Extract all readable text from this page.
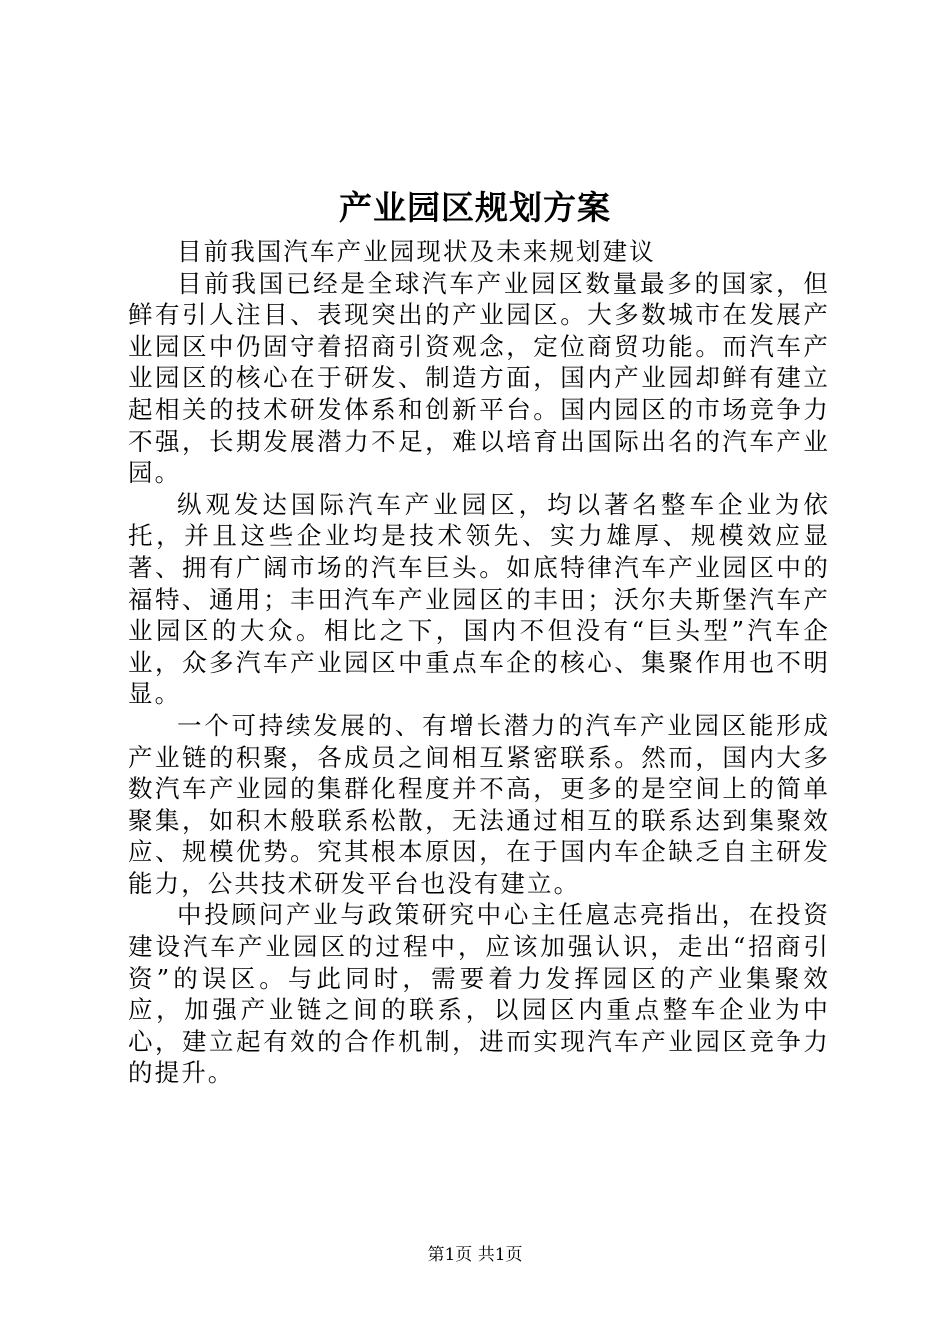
产业园区规划方案

目前我国汽车产业园现状及未来规划建议

目前我国已经是全球汽车产业园区数量最多的国家，但鲜有引人注目、表现突出的产业园区。大多数城市在发展产业园区中仍固守着招商引资观念，定位商贸功能。而汽车产业园区的核心在于研发、制造方面，国内产业园却鲜有建立起相关的技术研发体系和创新平台。国内园区的市场竞争力不强，长期发展潜力不足，难以培育出国际出名的汽车产业园。

纵观发达国际汽车产业园区，均以著名整车企业为依托，并且这些企业均是技术领先、实力雄厚、规模效应显著、拥有广阔市场的汽车巨头。如底特律汽车产业园区中的福特、通用；丰田汽车产业园区的丰田；沃尔夫斯堡汽车产业园区的大众。相比之下，国内不但没有“巨头型”汽车企业，众多汽车产业园区中重点车企的核心、集聚作用也不明显。

一个可持续发展的、有增长潜力的汽车产业园区能形成产业链的积聚，各成员之间相互紧密联系。然而，国内大多数汽车产业园的集群化程度并不高，更多的是空间上的简单聚集，如积木般联系松散，无法通过相互的联系达到集聚效应、规模优势。究其根本原因，在于国内车企缺乏自主研发能力，公共技术研发平台也没有建立。

中投顾问产业与政策研究中心主任扈志亮指出，在投资建设汽车产业园区的过程中，应该加强认识，走出“招商引资”的误区。与此同时，需要着力发挥园区的产业集聚效应，加强产业链之间的联系，以园区内重点整车企业为中心，建立起有效的合作机制，进而实现汽车产业园区竞争力的提升。

第1页 共1页
